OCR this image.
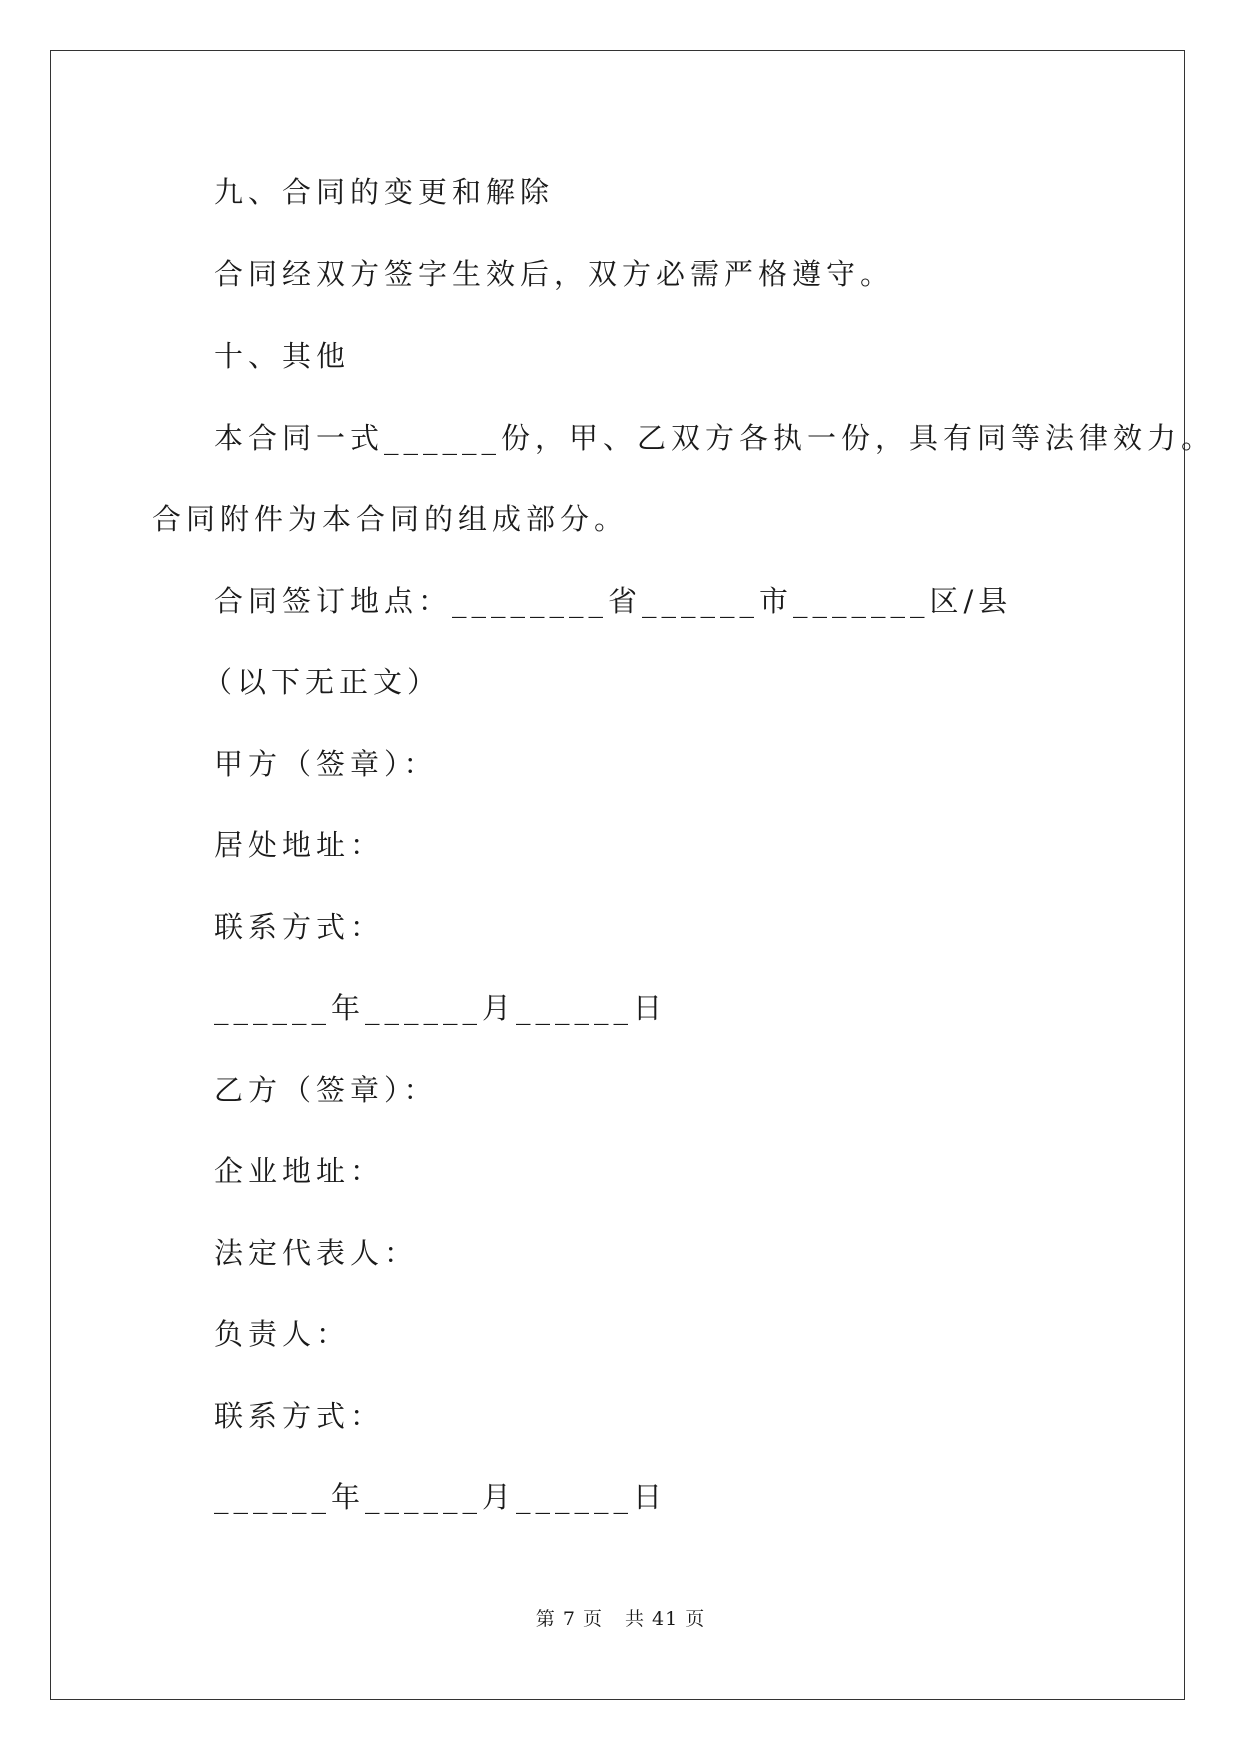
九、合同的变更和解除
合同经双方签字生效后，双方必需严格遵守。
十、其他
本合同一式______份，甲、乙双方各执一份，具有同等法律效力。
合同附件为本合同的组成部分。
合同签订地点：________省______市_______区/县
（以下无正文）
甲方（签章）：
居处地址：
联系方式：
______年______月______日
乙方（签章）：
企业地址：
法定代表人：
负责人：
联系方式：
______年______月______日
第 7 页 共 41 页
